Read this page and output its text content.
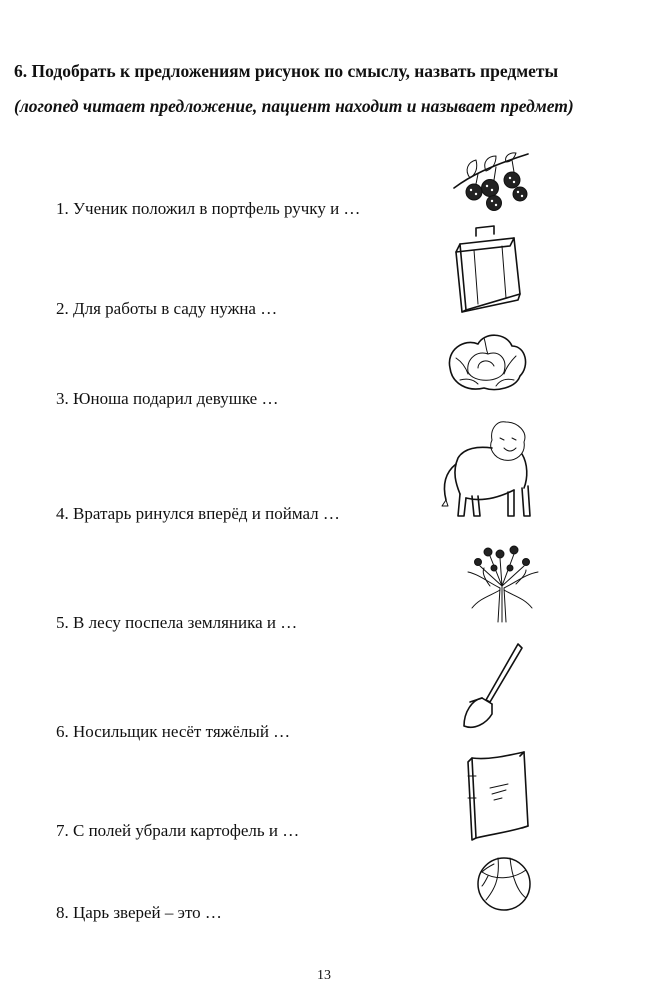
6. Подобрать к предложениям рисунок по смыслу, назвать предметы (логопед читает предложение, пациент находит и называет предмет)
1. Ученик положил в портфель ручку и …
2. Для работы в саду нужна …
3. Юноша подарил девушке …
4. Вратарь ринулся вперёд и поймал …
5. В лесу поспела земляника и …
6. Носильщик несёт тяжёлый …
7. С полей убрали картофель и …
8. Царь зверей – это …
13
